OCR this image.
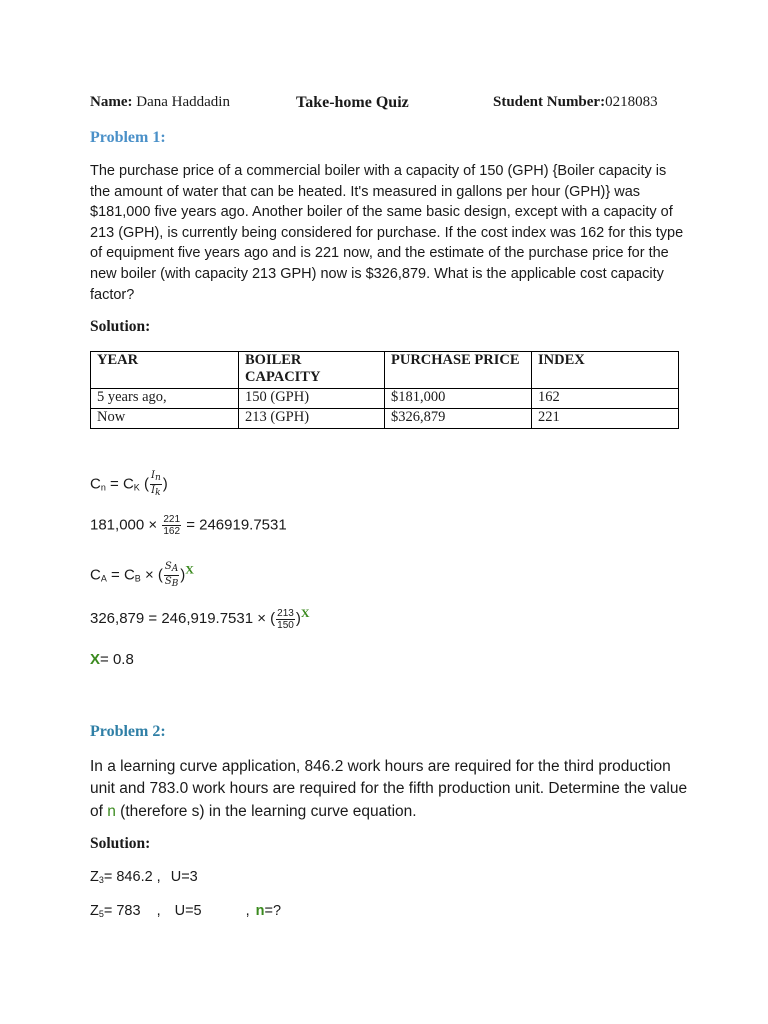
Name: Dana Haddadin	Take-home Quiz	Student Number:0218083
Problem 1:
The purchase price of a commercial boiler with a capacity of 150 (GPH) {Boiler capacity is the amount of water that can be heated. It's measured in gallons per hour (GPH)} was $181,000 five years ago. Another boiler of the same basic design, except with a capacity of 213 (GPH), is currently being considered for purchase. If the cost index was 162 for this type of equipment five years ago and is 221 now, and the estimate of the purchase price for the new boiler (with capacity 213 GPH) now is $326,879. What is the applicable cost capacity factor?
Solution:
YEAR	BOILER CAPACITY	PURCHASE PRICE	INDEX
5 years ago,	150 (GPH)	$181,000	162
Now	213 (GPH)	$326,879	221
$C_n = C_K$ ( $\frac{In}{Ik}$ )
$181,000 \times \frac{221}{162} = 246919.7531$
$C_A = C_B$ × ( $\frac{SA}{SB} )^X$
326,879 = 246,919.7531 × ( $\frac{213}{150} )^X$
X= 0.8
Problem 2:
In a learning curve application, 846.2 work hours are required for the third production unit and 783.0 work hours are required for the fifth production unit. Determine the value of n (therefore s) in the learning curve equation.
Solution:
$Z_3= 846.2$ , U=3
$Z_5= 783$ , U=5	, n=?
